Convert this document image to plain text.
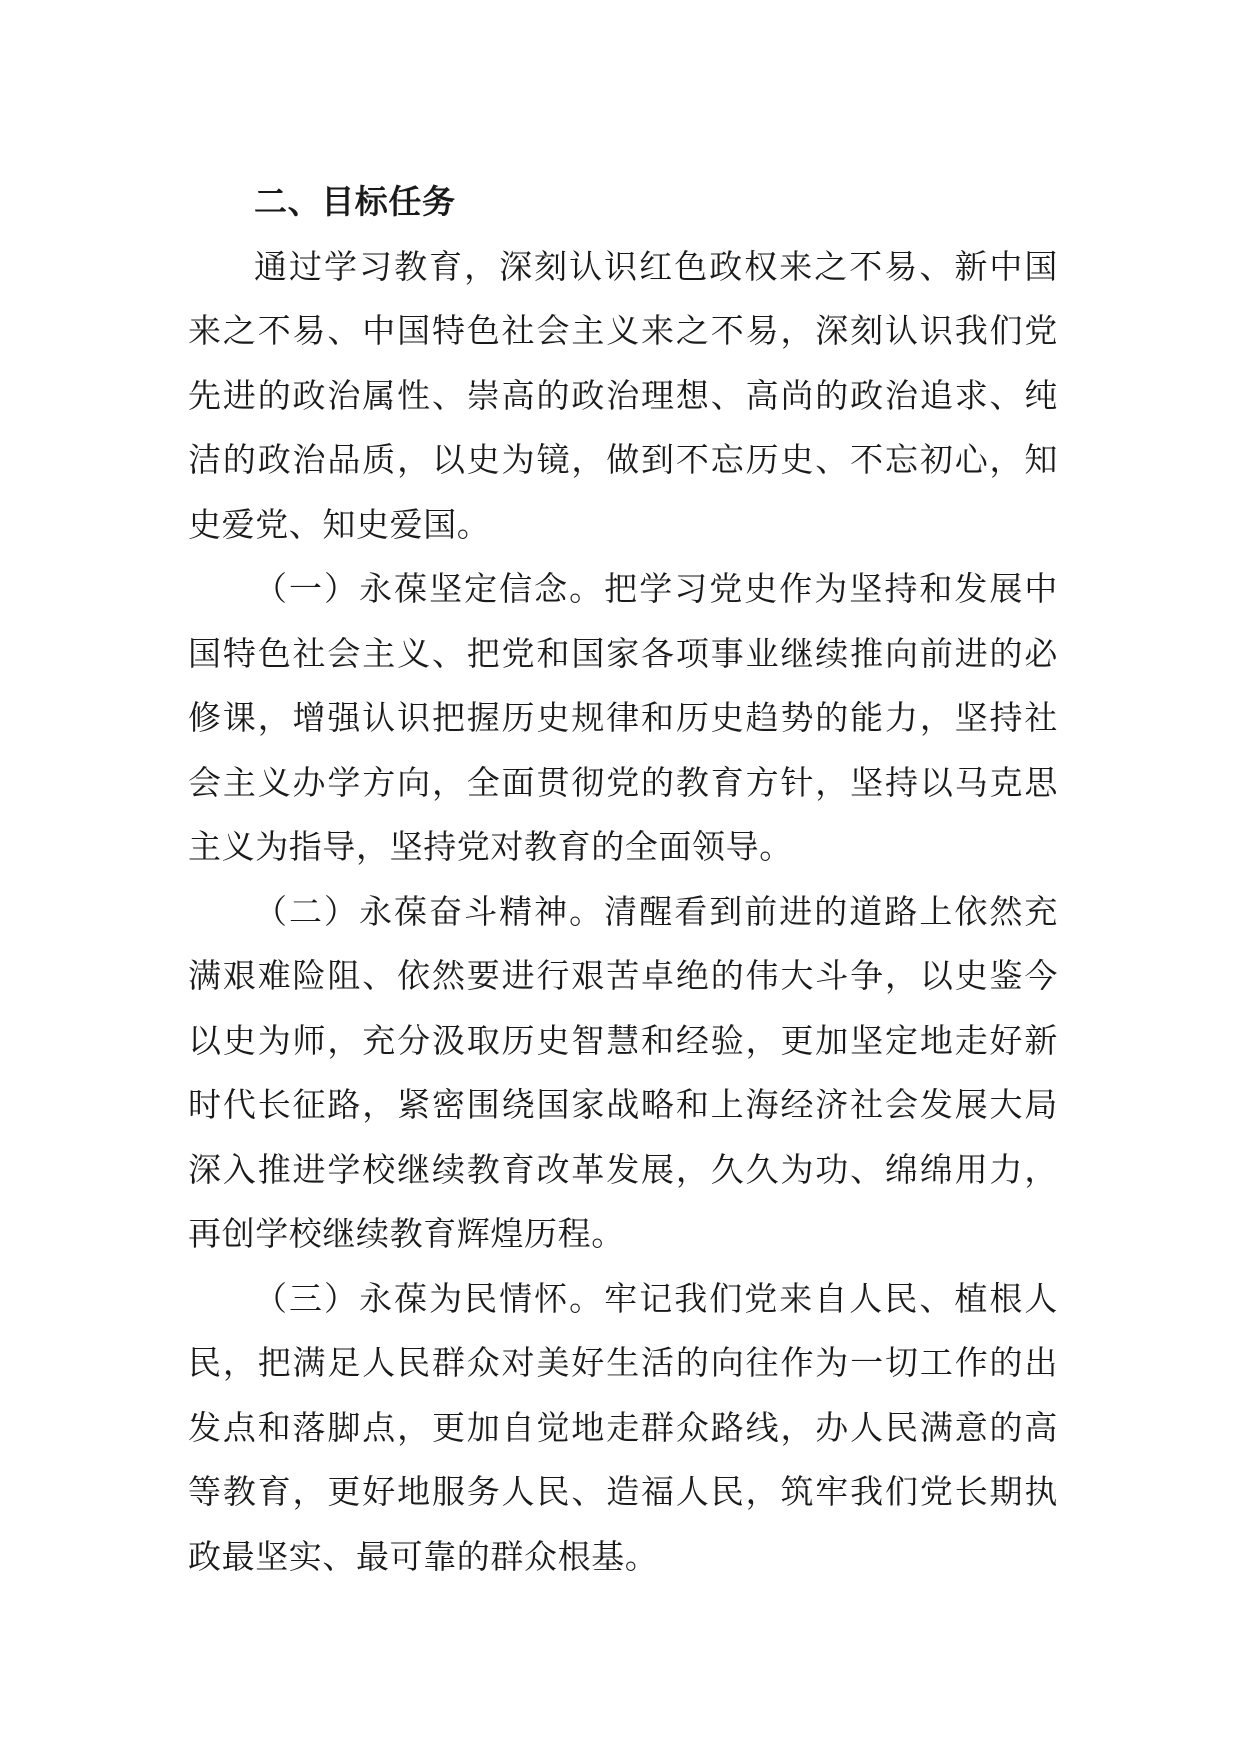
二、目标任务

通过学习教育，深刻认识红色政权来之不易、新中国来之不易、中国特色社会主义来之不易，深刻认识我们党先进的政治属性、崇高的政治理想、高尚的政治追求、纯洁的政治品质，以史为镜，做到不忘历史、不忘初心，知史爱党、知史爱国。

（一）永葆坚定信念。把学习党史作为坚持和发展中国特色社会主义、把党和国家各项事业继续推向前进的必修课，增强认识把握历史规律和历史趋势的能力，坚持社会主义办学方向，全面贯彻党的教育方针，坚持以马克思主义为指导，坚持党对教育的全面领导。

（二）永葆奋斗精神。清醒看到前进的道路上依然充满艰难险阻、依然要进行艰苦卓绝的伟大斗争，以史鉴今以史为师，充分汲取历史智慧和经验，更加坚定地走好新时代长征路，紧密围绕国家战略和上海经济社会发展大局深入推进学校继续教育改革发展，久久为功、绵绵用力，再创学校继续教育辉煌历程。

（三）永葆为民情怀。牢记我们党来自人民、植根人民，把满足人民群众对美好生活的向往作为一切工作的出发点和落脚点，更加自觉地走群众路线，办人民满意的高等教育，更好地服务人民、造福人民，筑牢我们党长期执政最坚实、最可靠的群众根基。
